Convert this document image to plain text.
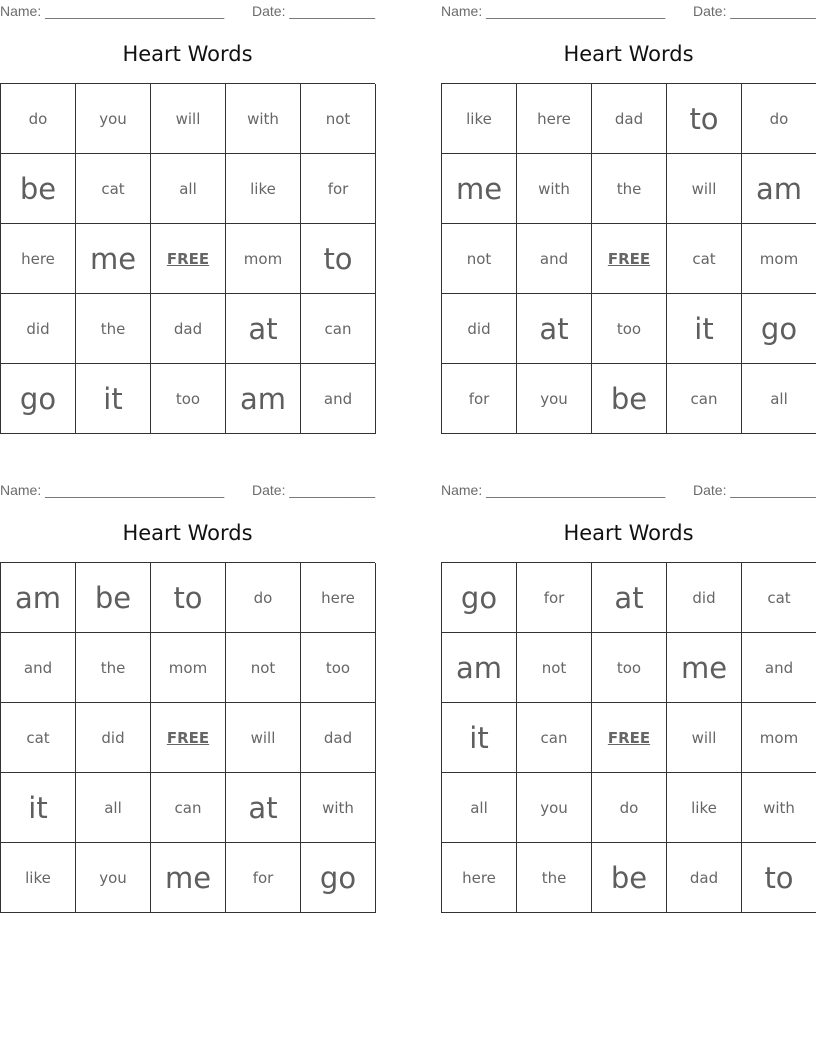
Name: _______________________ Date: ___________
Heart Words
do	you	will	with	not
be	cat	all	like	for
here	me	FREE	mom	to
did	the	dad	at	can
go	it	too	am	and
Name: _______________________ Date: ___________
Heart Words
like	here	dad	to	do
me	with	the	will	am
not	and	FREE	cat	mom
did	at	too	it	go
for	you	be	can	all
Name: _______________________ Date: ___________
Heart Words
am	be	to	do	here
and	the	mom	not	too
cat	did	FREE	will	dad
it	all	can	at	with
like	you	me	for	go
Name: _______________________ Date: ___________
Heart Words
go	for	at	did	cat
am	not	too	me	and
it	can	FREE	will	mom
all	you	do	like	with
here	the	be	dad	to
